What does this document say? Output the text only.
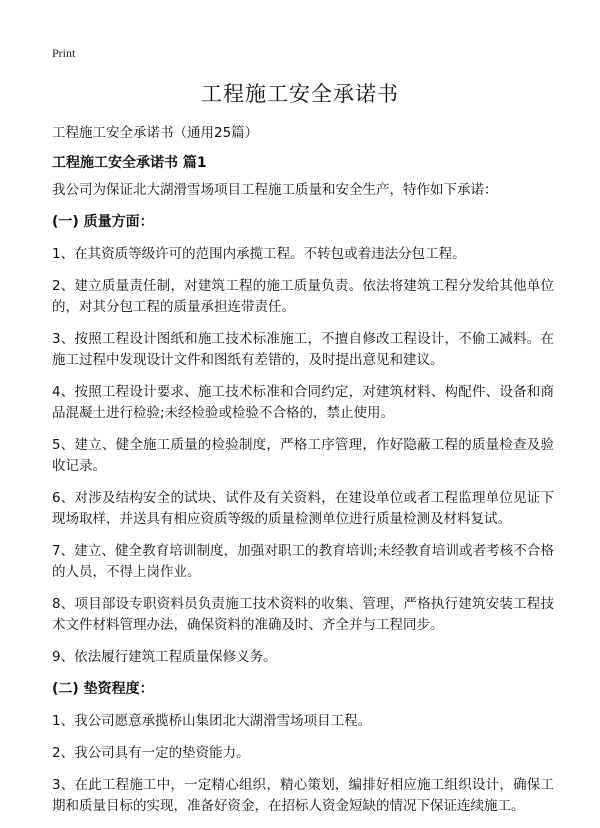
Print
工程施工安全承诺书
工程施工安全承诺书（通用25篇）
工程施工安全承诺书 篇1

我公司为保证北大湖滑雪场项目工程施工质量和安全生产，特作如下承诺：

(一) 质量方面：

1、在其资质等级许可的范围内承揽工程。不转包或着违法分包工程。

2、建立质量责任制，对建筑工程的施工质量负责。依法将建筑工程分发给其他单位的，对其分包工程的质量承担连带责任。

3、按照工程设计图纸和施工技术标准施工，不擅自修改工程设计，不偷工减料。在施工过程中发现设计文件和图纸有差错的，及时提出意见和建议。

4、按照工程设计要求、施工技术标准和合同约定，对建筑材料、构配件、设备和商品混凝土进行检验;未经检验或检验不合格的，禁止使用。

5、建立、健全施工质量的检验制度，严格工序管理，作好隐蔽工程的质量检查及验收记录。

6、对涉及结构安全的试块、试件及有关资料，在建设单位或者工程监理单位见证下现场取样，并送具有相应资质等级的质量检测单位进行质量检测及材料复试。

7、建立、健全教育培训制度，加强对职工的教育培训;未经教育培训或者考核不合格的人员，不得上岗作业。

8、项目部设专职资料员负责施工技术资料的收集、管理，严格执行建筑安装工程技术文件材料管理办法，确保资料的准确及时、齐全并与工程同步。

9、依法履行建筑工程质量保修义务。

(二) 垫资程度：

1、我公司愿意承揽桥山集团北大湖滑雪场项目工程。

2、我公司具有一定的垫资能力。

3、在此工程施工中，一定精心组织，精心策划，编排好相应施工组织设计，确保工期和质量目标的实现，准备好资金，在招标人资金短缺的情况下保证连续施工。
